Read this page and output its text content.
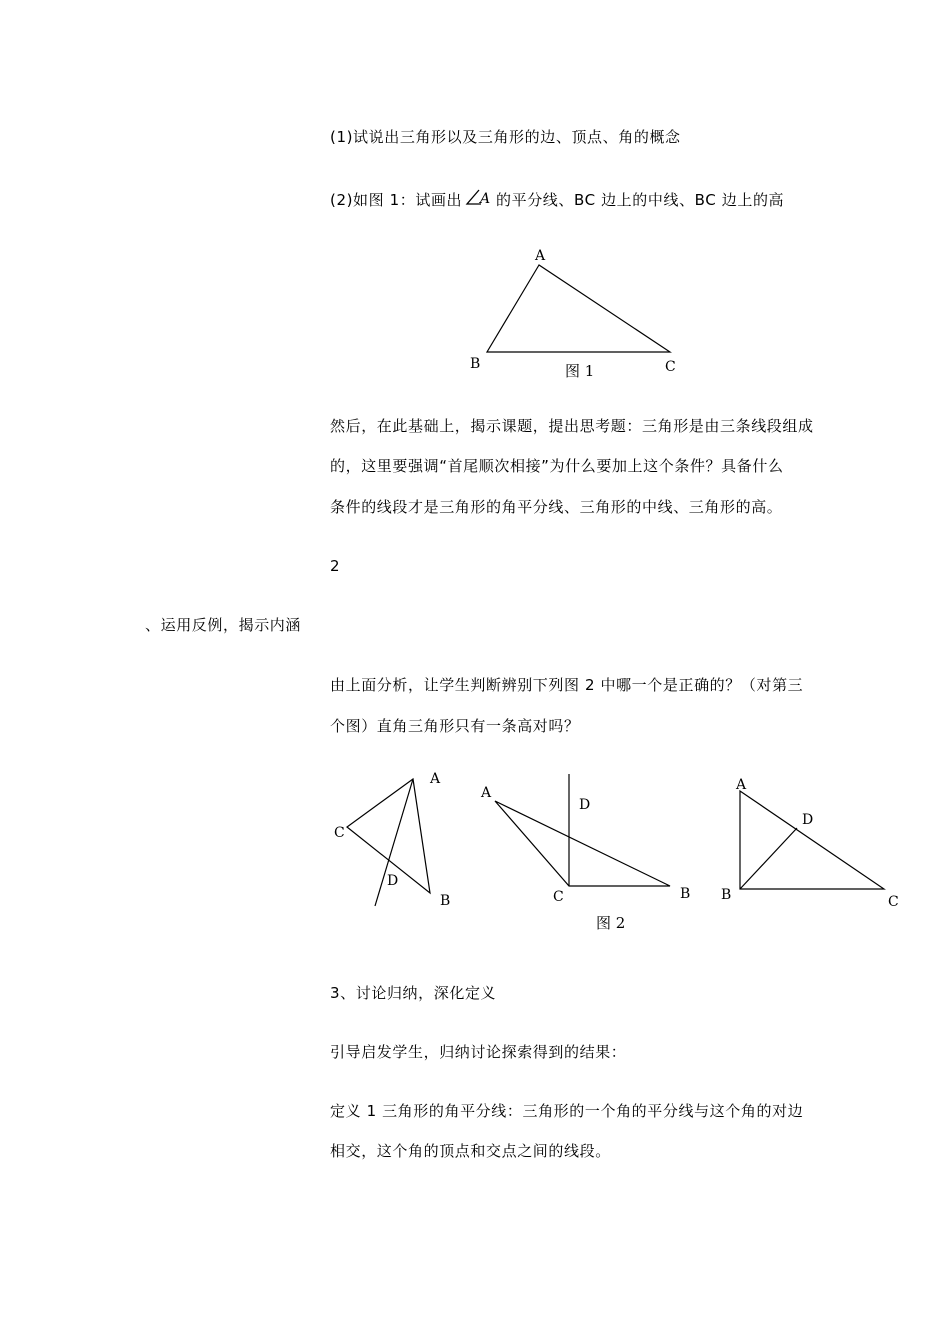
(1)试说出三角形以及三角形的边、顶点、角的概念
(2)如图 1：试画出 A 的平分线、BC 边上的中线、BC 边上的高
A
B	C
图 1
然后，在此基础上，揭示课题，提出思考题：三角形是由三条线段组成
的，这里要强调“首尾顺次相接”为什么要加上这个条件？具备什么
条件的线段才是三角形的角平分线、三角形的中线、三角形的高。
2
、运用反例，揭示内涵
由上面分析，让学生判断辨别下列图 2 中哪一个是正确的？（对第三
个图）直角三角形只有一条高对吗？
A
C
D
B
A
D
C	B
图 2
A
D
B	C
3、讨论归纳，深化定义
引导启发学生，归纳讨论探索得到的结果：
定义 1 三角形的角平分线：三角形的一个角的平分线与这个角的对边
相交，这个角的顶点和交点之间的线段。
